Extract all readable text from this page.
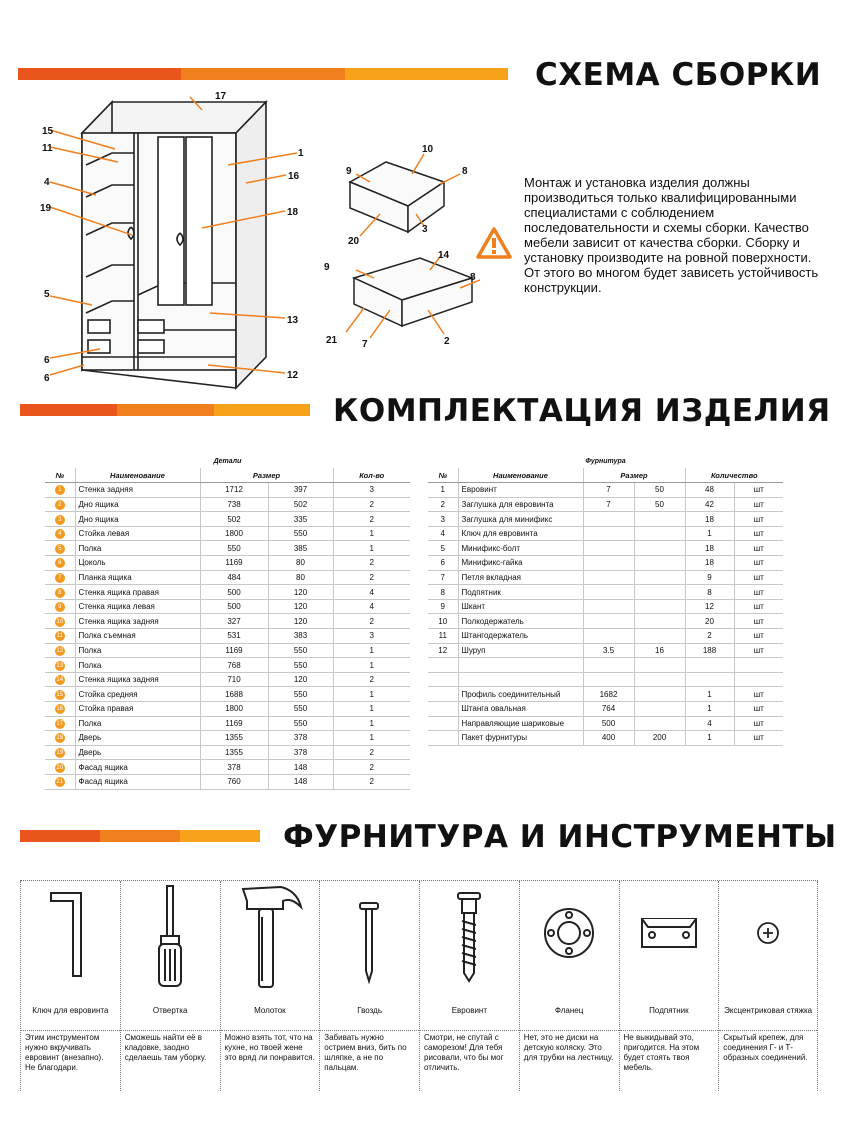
СХЕМА СБОРКИ
17
15
11
4
19
5
6
6
1
16
18
13
12
10
9	8
3
20
14
9
8
21 7	2
Монтаж и установка изделия должны производиться только квалифицированными специалистами с соблюдением последовательности и схемы сборки. Качество мебели зависит от качества сборки. Сборку и установку производите на ровной поверхности. От этого во многом будет зависеть устойчивость конструкции.
КОМПЛЕКТАЦИЯ ИЗДЕЛИЯ
Детали
№	Наименование	Размер		Кол-во
1	Стенка задняя	1712	397	3
2	Дно ящика	738	502	2
3	Дно ящика	502	335	2
4	Стойка левая	1800	550	1
5	Полка	550	385	1
6	Цоколь	1169	80	2
7	Планка ящика	484	80	2
8	Стенка ящика правая	500	120	4
9	Стенка ящика левая	500	120	4
10	Стенка ящика задняя	327	120	2
11	Полка съемная	531	383	3
12	Полка	1169	550	1
13	Полка	768	550	1
14	Стенка ящика задняя	710	120	2
15	Стойка средняя	1688	550	1
16	Стойка правая	1800	550	1
17	Полка	1169	550	1
18	Дверь	1355	378	1
19	Дверь	1355	378	2
20	Фасад ящика	378	148	2
21	Фасад ящика	760	148	2
Фурнитура
№	Наименование	Размер		Количество	
1	Евровинт	7	50	48	шт
2	Заглушка для евровинта	7	50	42	шт
3	Заглушка для минификс			18	шт
4	Ключ для евровинта			1	шт
5	Минификс-болт			18	шт
6	Минификс-гайка			18	шт
7	Петля вкладная			9	шт
8	Подпятник			8	шт
9	Шкант			12	шт
10	Полкодержатель			20	шт
11	Штангодержатель			2	шт
12	Шуруп	3.5	16	188	шт

	Профиль соединительный	1682		1	шт
	Штанга овальная	764		1	шт
	Направляющие шариковые	500		4	шт
	Пакет фурнитуры	400	200	1	шт
ФУРНИТУРА И ИНСТРУМЕНТЫ
Ключ для евровинта
Этим инструментом нужно вкручивать евровинт (внезапно). Не благодари.
Отвертка
Сможешь найти её в кладовке, заодно сделаешь там уборку.
Молоток
Можно взять тот, что на кухне, но твоей жене это вряд ли понравится.
Гвоздь
Забивать нужно острием вниз, бить по шляпке, а не по пальцам.
Евровинт
Смотри, не спутай с саморезом! Для тебя рисовали, что бы мог отличить.
Фланец
Нет, это не диски на детскую коляску. Это для трубки на лестницу.
Подпятник
Не выкидывай это, пригодится. На этом будет стоять твоя мебель.
Эксцентриковая стяжка
Скрытый крепеж, для соединения Г- и Т-образных соединений.
